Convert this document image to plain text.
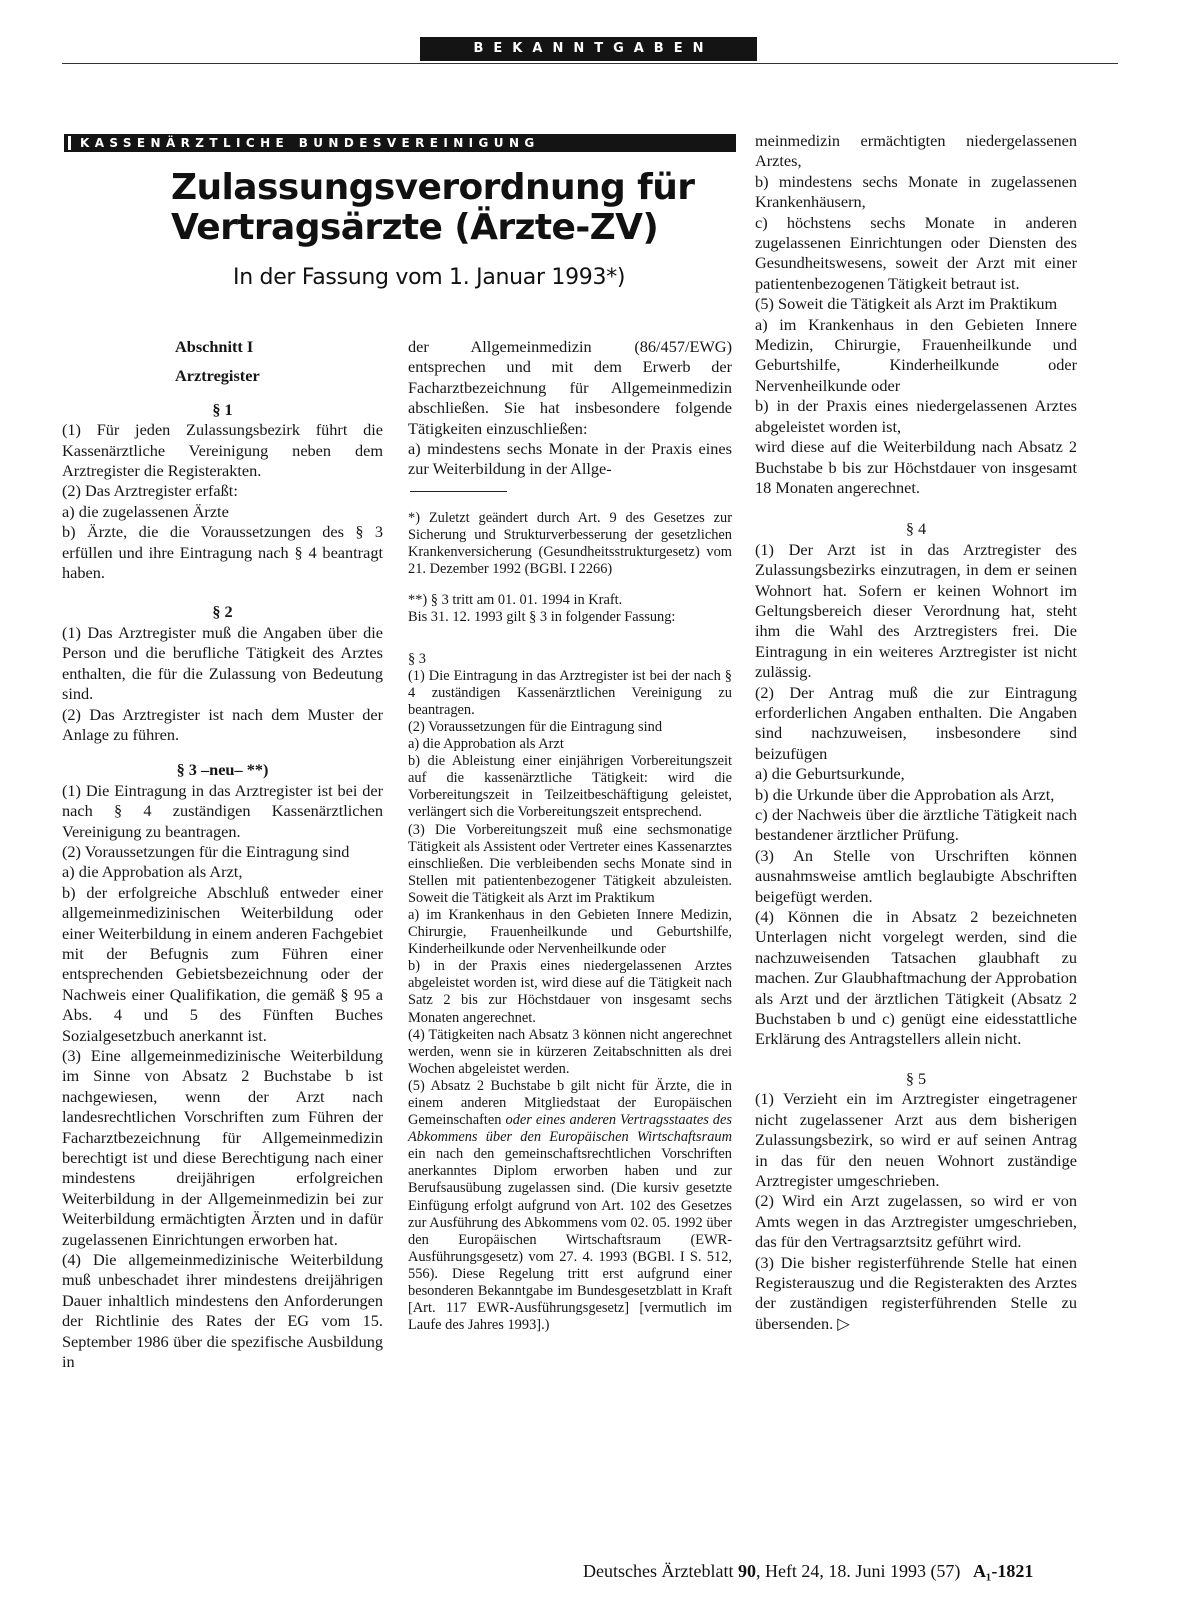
BEKANNTGABEN
KASSENÄRZTLICHE BUNDESVEREINIGUNG
Zulassungsverordnung für
Vertragsärzte (Ärzte-ZV)
In der Fassung vom 1. Januar 1993*)

Abschnitt I

Arztregister

§ 1

(1) Für jeden Zulassungsbezirk führt die Kassenärztliche Vereinigung neben dem Arztregister die Registerakten.
(2) Das Arztregister erfaßt:
a) die zugelassenen Ärzte
b) Ärzte, die die Voraussetzungen des § 3 erfüllen und ihre Eintragung nach § 4 beantragt haben.

§ 2

(1) Das Arztregister muß die Angaben über die Person und die berufliche Tätigkeit des Arztes enthalten, die für die Zulassung von Bedeutung sind.
(2) Das Arztregister ist nach dem Muster der Anlage zu führen.

§ 3 –neu– **)

(1) Die Eintragung in das Arztregister ist bei der nach § 4 zuständigen Kassenärztlichen Vereinigung zu beantragen.
(2) Voraussetzungen für die Eintragung sind
a) die Approbation als Arzt,
b) der erfolgreiche Abschluß entweder einer allgemeinmedizinischen Weiterbildung oder einer Weiterbildung in einem anderen Fachgebiet mit der Befugnis zum Führen einer entsprechenden Gebietsbezeichnung oder der Nachweis einer Qualifikation, die gemäß § 95 a Abs. 4 und 5 des Fünften Buches Sozialgesetzbuch anerkannt ist.
(3) Eine allgemeinmedizinische Weiterbildung im Sinne von Absatz 2 Buchstabe b ist nachgewiesen, wenn der Arzt nach landesrechtlichen Vorschriften zum Führen der Facharztbezeichnung für Allgemeinmedizin berechtigt ist und diese Berechtigung nach einer mindestens dreijährigen erfolgreichen Weiterbildung in der Allgemeinmedizin bei zur Weiterbildung ermächtigten Ärzten und in dafür zugelassenen Einrichtungen erworben hat.
(4) Die allgemeinmedizinische Weiterbildung muß unbeschadet ihrer mindestens dreijährigen Dauer inhaltlich mindestens den Anforderungen der Richtlinie des Rates der EG vom 15. September 1986 über die spezifische Ausbildung in

der Allgemeinmedizin (86/457/EWG) entsprechen und mit dem Erwerb der Facharztbezeichnung für Allgemeinmedizin abschließen. Sie hat insbesondere folgende Tätigkeiten einzuschließen:
a) mindestens sechs Monate in der Praxis eines zur Weiterbildung in der Allge-

*) Zuletzt geändert durch Art. 9 des Gesetzes zur Sicherung und Strukturverbesserung der gesetzlichen Krankenversicherung (Gesundheitsstrukturgesetz) vom 21. Dezember 1992 (BGBl. I 2266)

**) § 3 tritt am 01. 01. 1994 in Kraft.
Bis 31. 12. 1993 gilt § 3 in folgender Fassung:

§ 3

(1) Die Eintragung in das Arztregister ist bei der nach § 4 zuständigen Kassenärztlichen Vereinigung zu beantragen.
(2) Voraussetzungen für die Eintragung sind
a) die Approbation als Arzt
b) die Ableistung einer einjährigen Vorbereitungszeit auf die kassenärztliche Tätigkeit: wird die Vorbereitungszeit in Teilzeitbeschäftigung geleistet, verlängert sich die Vorbereitungszeit entsprechend.
(3) Die Vorbereitungszeit muß eine sechsmonatige Tätigkeit als Assistent oder Vertreter eines Kassenarztes einschließen. Die verbleibenden sechs Monate sind in Stellen mit patientenbezogener Tätigkeit abzuleisten. Soweit die Tätigkeit als Arzt im Praktikum
a) im Krankenhaus in den Gebieten Innere Medizin, Chirurgie, Frauenheilkunde und Geburtshilfe, Kinderheilkunde oder Nervenheilkunde oder
b) in der Praxis eines niedergelassenen Arztes abgeleistet worden ist, wird diese auf die Tätigkeit nach Satz 2 bis zur Höchstdauer von insgesamt sechs Monaten angerechnet.
(4) Tätigkeiten nach Absatz 3 können nicht angerechnet werden, wenn sie in kürzeren Zeitabschnitten als drei Wochen abgeleistet werden.

(5) Absatz 2 Buchstabe b gilt nicht für Ärzte, die in einem anderen Mitgliedstaat der Europäischen Gemeinschaften oder eines anderen Vertragsstaates des Abkommens über den Europäischen Wirtschaftsraum ein nach den gemeinschaftsrechtlichen Vorschriften anerkanntes Diplom erworben haben und zur Berufsausübung zugelassen sind. (Die kursiv gesetzte Einfügung erfolgt aufgrund von Art. 102 des Gesetzes zur Ausführung des Abkommens vom 02. 05. 1992 über den Europäischen Wirtschaftsraum (EWR-Ausführungsgesetz) vom 27. 4. 1993 (BGBl. I S. 512, 556). Diese Regelung tritt erst aufgrund einer besonderen Bekanntgabe im Bundesgesetzblatt in Kraft [Art. 117 EWR-Ausführungsgesetz] [vermutlich im Laufe des Jahres 1993].)

meinmedizin ermächtigten niedergelassenen Arztes,
b) mindestens sechs Monate in zugelassenen Krankenhäusern,
c) höchstens sechs Monate in anderen zugelassenen Einrichtungen oder Diensten des Gesundheitswesens, soweit der Arzt mit einer patientenbezogenen Tätigkeit betraut ist.
(5) Soweit die Tätigkeit als Arzt im Praktikum
a) im Krankenhaus in den Gebieten Innere Medizin, Chirurgie, Frauenheilkunde und Geburtshilfe, Kinderheilkunde oder Nervenheilkunde oder
b) in der Praxis eines niedergelassenen Arztes abgeleistet worden ist,
wird diese auf die Weiterbildung nach Absatz 2 Buchstabe b bis zur Höchstdauer von insgesamt 18 Monaten angerechnet.

§ 4

(1) Der Arzt ist in das Arztregister des Zulassungsbezirks einzutragen, in dem er seinen Wohnort hat. Sofern er keinen Wohnort im Geltungsbereich dieser Verordnung hat, steht ihm die Wahl des Arztregisters frei. Die Eintragung in ein weiteres Arztregister ist nicht zulässig.
(2) Der Antrag muß die zur Eintragung erforderlichen Angaben enthalten. Die Angaben sind nachzuweisen, insbesondere sind beizufügen
a) die Geburtsurkunde,
b) die Urkunde über die Approbation als Arzt,
c) der Nachweis über die ärztliche Tätigkeit nach bestandener ärztlicher Prüfung.
(3) An Stelle von Urschriften können ausnahmsweise amtlich beglaubigte Abschriften beigefügt werden.
(4) Können die in Absatz 2 bezeichneten Unterlagen nicht vorgelegt werden, sind die nachzuweisenden Tatsachen glaubhaft zu machen. Zur Glaubhaftmachung der Approbation als Arzt und der ärztlichen Tätigkeit (Absatz 2 Buchstaben b und c) genügt eine eidesstattliche Erklärung des Antragstellers allein nicht.

§ 5

(1) Verzieht ein im Arztregister eingetragener nicht zugelassener Arzt aus dem bisherigen Zulassungsbezirk, so wird er auf seinen Antrag in das für den neuen Wohnort zuständige Arztregister umgeschrieben.
(2) Wird ein Arzt zugelassen, so wird er von Amts wegen in das Arztregister umgeschrieben, das für den Vertragsarztsitz geführt wird.
(3) Die bisher registerführende Stelle hat einen Registerauszug und die Registerakten des Arztes der zuständigen registerführenden Stelle zu übersenden. ▷

Deutsches Ärzteblatt 90, Heft 24, 18. Juni 1993 (57) A₁-1821
